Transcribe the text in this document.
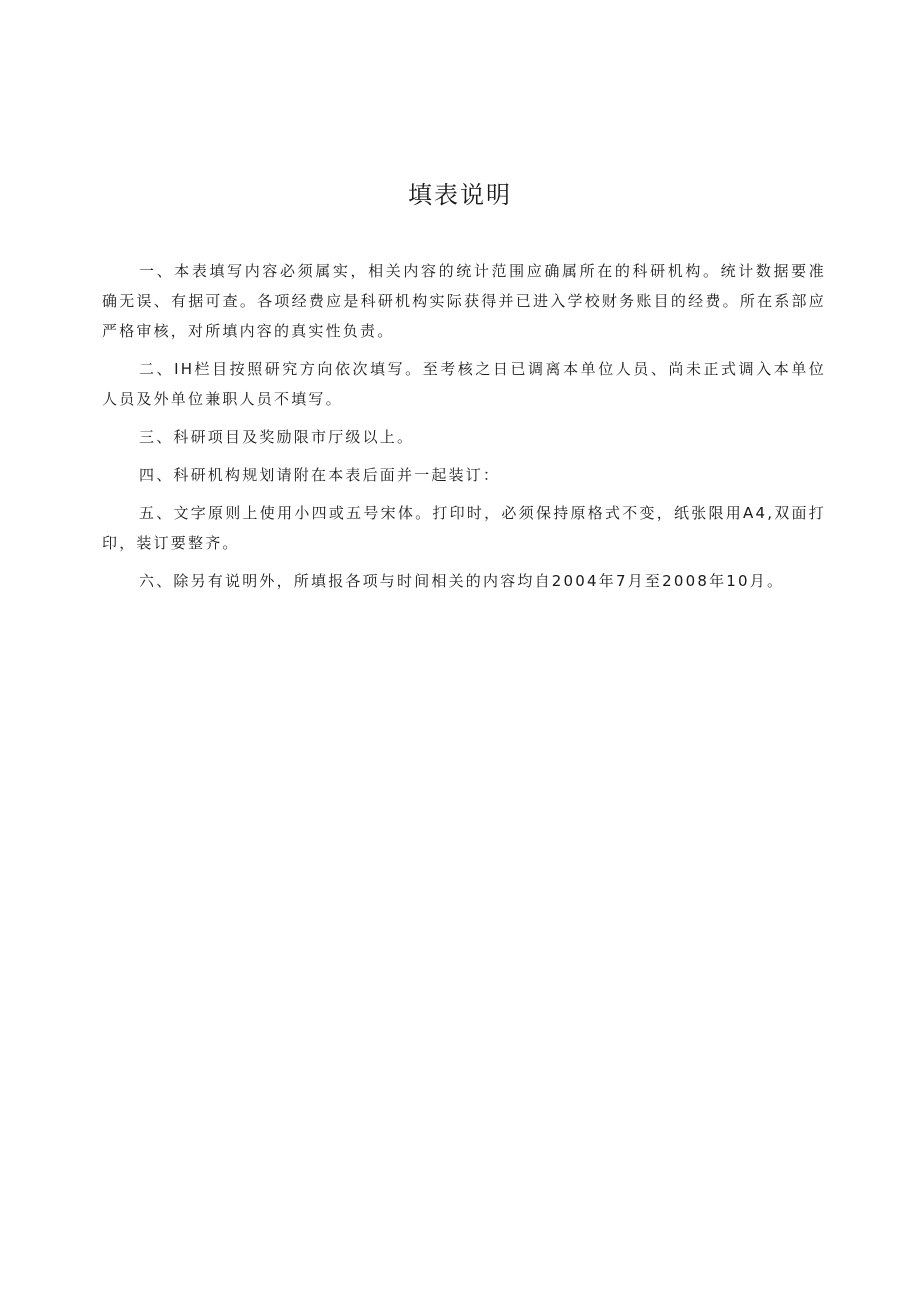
填表说明

一、本表填写内容必须属实，相关内容的统计范围应确属所在的科研机构。统计数据要准确无误、有据可查。各项经费应是科研机构实际获得并已进入学校财务账目的经费。所在系部应严格审核，对所填内容的真实性负责。

二、IH栏目按照研究方向依次填写。至考核之日已调离本单位人员、尚未正式调入本单位人员及外单位兼职人员不填写。

三、科研项目及奖励限市厅级以上。

四、科研机构规划请附在本表后面并一起装订：

五、文字原则上使用小四或五号宋体。打印时，必须保持原格式不变，纸张限用A4,双面打印，装订要整齐。

六、除另有说明外，所填报各项与时间相关的内容均自2004年7月至2008年10月。
